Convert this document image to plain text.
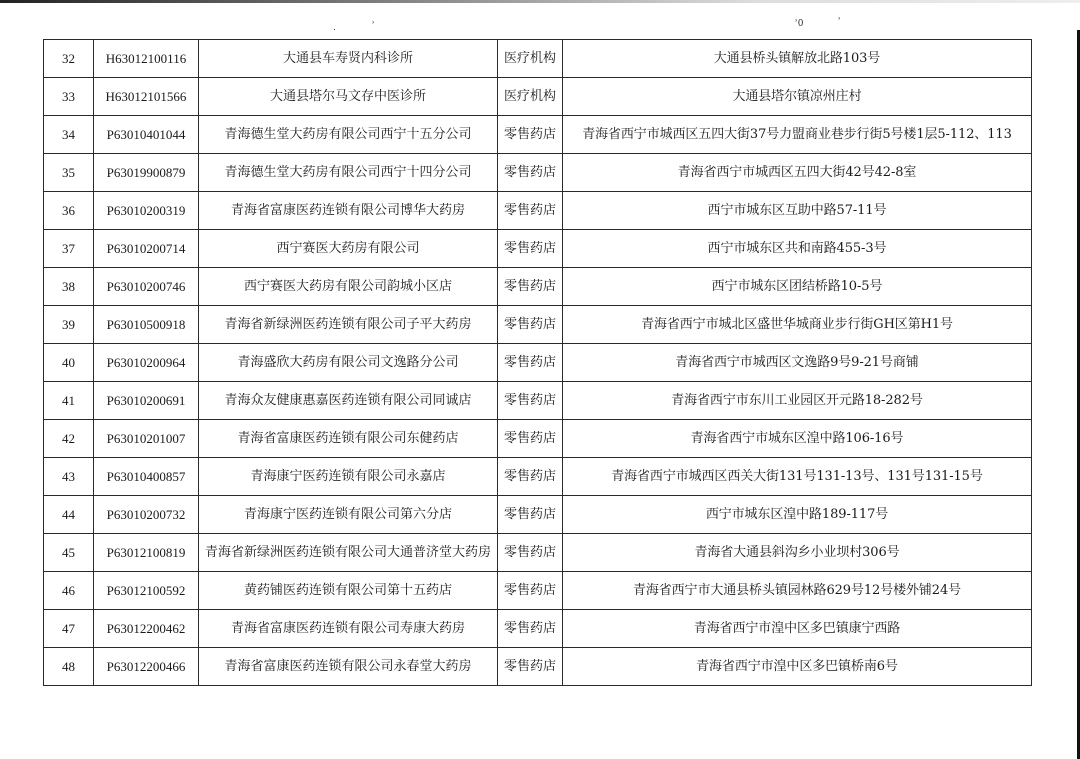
.	ʾ	ʾ0	ʾ
32	H63012100116	大通县车寿贤内科诊所	医疗机构	大通县桥头镇解放北路103号
33	H63012101566	大通县塔尔马文存中医诊所	医疗机构	大通县塔尔镇凉州庄村
34	P63010401044	青海德生堂大药房有限公司西宁十五分公司	零售药店	青海省西宁市城西区五四大街37号力盟商业巷步行街5号楼1层5-112、113
35	P63019900879	青海德生堂大药房有限公司西宁十四分公司	零售药店	青海省西宁市城西区五四大街42号42-8室
36	P63010200319	青海省富康医药连锁有限公司博华大药房	零售药店	西宁市城东区互助中路57-11号
37	P63010200714	西宁赛医大药房有限公司	零售药店	西宁市城东区共和南路455-3号
38	P63010200746	西宁赛医大药房有限公司韵城小区店	零售药店	西宁市城东区团结桥路10-5号
39	P63010500918	青海省新绿洲医药连锁有限公司子平大药房	零售药店	青海省西宁市城北区盛世华城商业步行街GH区第H1号
40	P63010200964	青海盛欣大药房有限公司文逸路分公司	零售药店	青海省西宁市城西区文逸路9号9-21号商铺
41	P63010200691	青海众友健康惠嘉医药连锁有限公司同诚店	零售药店	青海省西宁市东川工业园区开元路18-282号
42	P63010201007	青海省富康医药连锁有限公司东健药店	零售药店	青海省西宁市城东区湟中路106-16号
43	P63010400857	青海康宁医药连锁有限公司永嘉店	零售药店	青海省西宁市城西区西关大街131号131-13号、131号131-15号
44	P63010200732	青海康宁医药连锁有限公司第六分店	零售药店	西宁市城东区湟中路189-117号
45	P63012100819	青海省新绿洲医药连锁有限公司大通普济堂大药房	零售药店	青海省大通县斜沟乡小业坝村306号
46	P63012100592	黄药铺医药连锁有限公司第十五药店	零售药店	青海省西宁市大通县桥头镇园林路629号12号楼外铺24号
47	P63012200462	青海省富康医药连锁有限公司寿康大药房	零售药店	青海省西宁市湟中区多巴镇康宁西路
48	P63012200466	青海省富康医药连锁有限公司永春堂大药房	零售药店	青海省西宁市湟中区多巴镇桥南6号
